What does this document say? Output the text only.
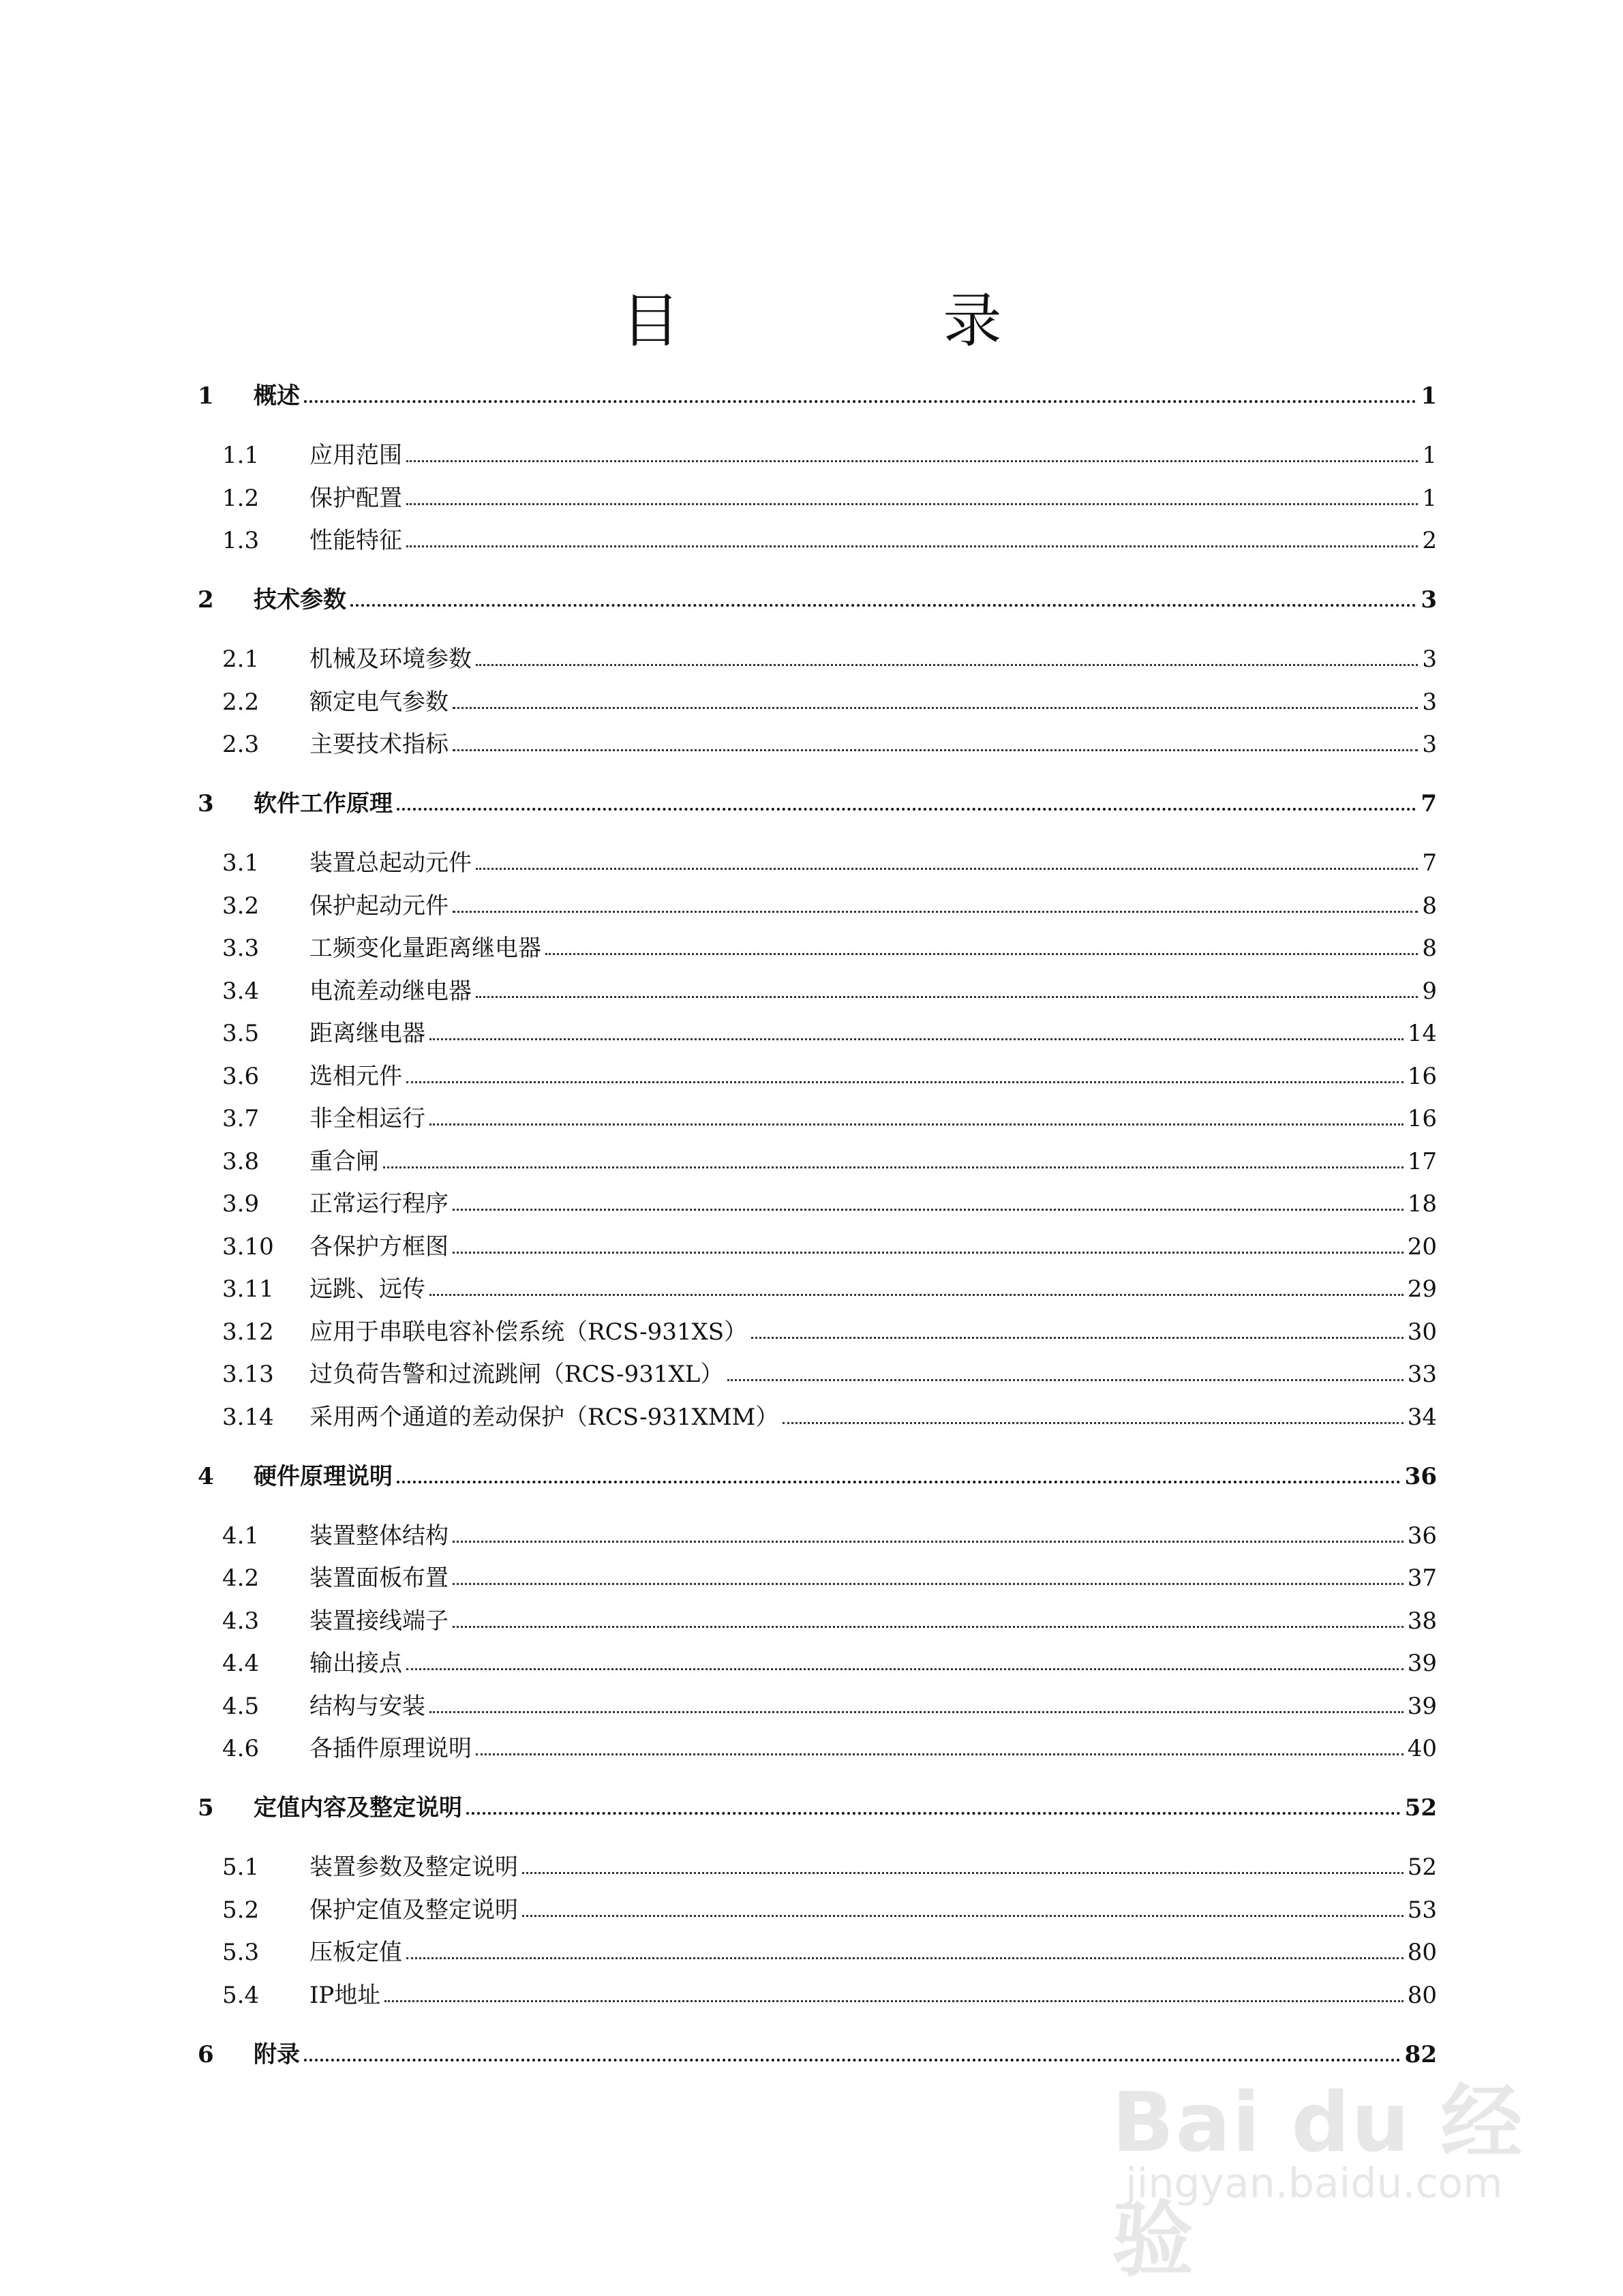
目　录
1	概述	1
1.1	应用范围	1
1.2	保护配置	1
1.3	性能特征	2
2	技术参数	3
2.1	机械及环境参数	3
2.2	额定电气参数	3
2.3	主要技术指标	3
3	软件工作原理	7
3.1	装置总起动元件	7
3.2	保护起动元件	8
3.3	工频变化量距离继电器	8
3.4	电流差动继电器	9
3.5	距离继电器	14
3.6	选相元件	16
3.7	非全相运行	16
3.8	重合闸	17
3.9	正常运行程序	18
3.10	各保护方框图	20
3.11	远跳、远传	29
3.12	应用于串联电容补偿系统（RCS-931XS）	30
3.13	过负荷告警和过流跳闸（RCS-931XL）	33
3.14	采用两个通道的差动保护（RCS-931XMM）	34
4	硬件原理说明	36
4.1	装置整体结构	36
4.2	装置面板布置	37
4.3	装置接线端子	38
4.4	输出接点	39
4.5	结构与安装	39
4.6	各插件原理说明	40
5	定值内容及整定说明	52
5.1	装置参数及整定说明	52
5.2	保护定值及整定说明	53
5.3	压板定值	80
5.4	IP地址	80
6	附录	82
Bai du 经验
jingyan.baidu.com
